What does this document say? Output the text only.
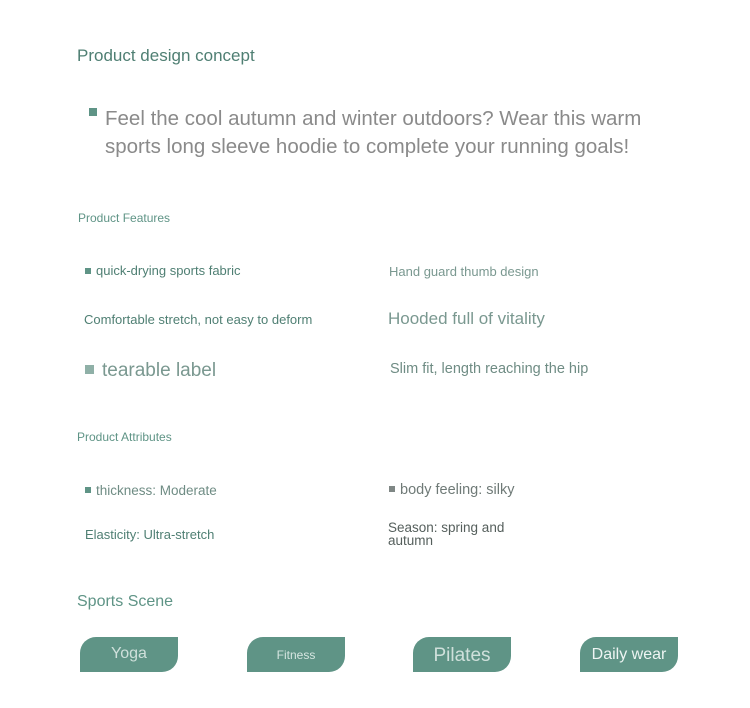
Product design concept
Feel the cool autumn and winter outdoors? Wear this warm sports long sleeve hoodie to complete your running goals!
Product Features
quick-drying sports fabric	Hand guard thumb design
Comfortable stretch, not easy to deform	Hooded full of vitality
tearable label	Slim fit, length reaching the hip
Product Attributes
thickness: Moderate	body feeling: silky
Elasticity: Ultra-stretch	Season: spring and autumn
Sports Scene
Yoga	Fitness	Pilates	Daily wear
